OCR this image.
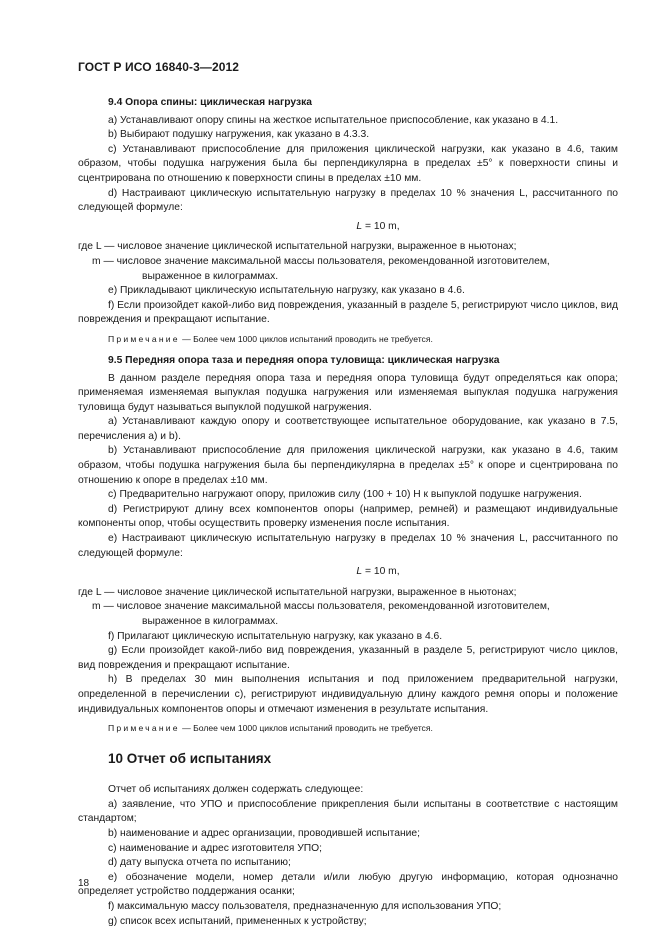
ГОСТ Р ИСО 16840-3—2012

9.4 Опора спины: циклическая нагрузка

а) Устанавливают опору спины на жесткое испытательное приспособление, как указано в 4.1.

b) Выбирают подушку нагружения, как указано в 4.3.3.

с) Устанавливают приспособление для приложения циклической нагрузки, как указано в 4.6, таким образом, чтобы подушка нагружения была бы перпендикулярна в пределах ±5° к поверхности спины и сцентрирована по отношению к поверхности спины в пределах ±10 мм.

d) Настраивают циклическую испытательную нагрузку в пределах 10 % значения L, рассчитанного по следующей формуле:

L = 10 m,

где L — числовое значение циклической испытательной нагрузки, выраженное в ньютонах;

m — числовое значение максимальной массы пользователя, рекомендованной изготовителем,

выраженное в килограммах.

е) Прикладывают циклическую испытательную нагрузку, как указано в 4.6.

f) Если произойдет какой-либо вид повреждения, указанный в разделе 5, регистрируют число циклов, вид повреждения и прекращают испытание.

Примечание — Более чем 1000 циклов испытаний проводить не требуется.

9.5 Передняя опора таза и передняя опора туловища: циклическая нагрузка

В данном разделе передняя опора таза и передняя опора туловища будут определяться как опора; применяемая изменяемая выпуклая подушка нагружения или изменяемая выпуклая подушка нагружения туловища будут называться выпуклой подушкой нагружения.

а) Устанавливают каждую опору и соответствующее испытательное оборудование, как указано в 7.5, перечисления а) и b).

b) Устанавливают приспособление для приложения циклической нагрузки, как указано в 4.6, таким образом, чтобы подушка нагружения была бы перпендикулярна в пределах ±5° к опоре и сцентрирована по отношению к опоре в пределах ±10 мм.

с) Предварительно нагружают опору, приложив силу (100 + 10) Н к выпуклой подушке нагружения.

d) Регистрируют длину всех компонентов опоры (например, ремней) и размещают индивидуальные компоненты опор, чтобы осуществить проверку изменения после испытания.

е) Настраивают циклическую испытательную нагрузку в пределах 10 % значения L, рассчитанного по следующей формуле:

L = 10 m,

где L — числовое значение циклической испытательной нагрузки, выраженное в ньютонах;

m — числовое значение максимальной массы пользователя, рекомендованной изготовителем,

выраженное в килограммах.

f) Прилагают циклическую испытательную нагрузку, как указано в 4.6.

g) Если произойдет какой-либо вид повреждения, указанный в разделе 5, регистрируют число циклов, вид повреждения и прекращают испытание.

h) В пределах 30 мин выполнения испытания и под приложением предварительной нагрузки, определенной в перечислении с), регистрируют индивидуальную длину каждого ремня опоры и положение индивидуальных компонентов опоры и отмечают изменения в результате испытания.

Примечание — Более чем 1000 циклов испытаний проводить не требуется.

10 Отчет об испытаниях

Отчет об испытаниях должен содержать следующее:

а) заявление, что УПО и приспособление прикрепления были испытаны в соответствие с настоящим стандартом;

b) наименование и адрес организации, проводившей испытание;

с) наименование и адрес изготовителя УПО;

d) дату выпуска отчета по испытанию;

е) обозначение модели, номер детали и/или любую другую информацию, которая однозначно определяет устройство поддержания осанки;

f) максимальную массу пользователя, предназначенную для использования УПО;

g) список всех испытаний, примененных к устройству;

18
